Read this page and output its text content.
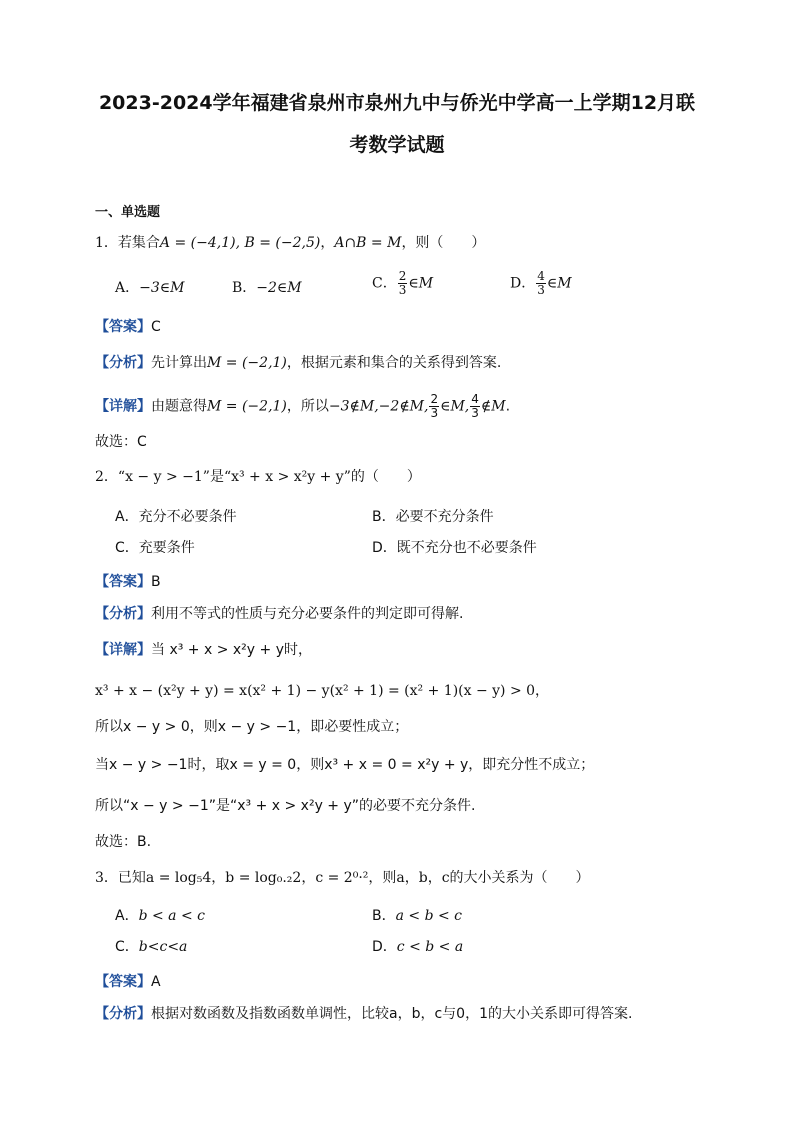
2023-2024学年福建省泉州市泉州九中与侨光中学高一上学期12月联
考数学试题
一、单选题
1．若集合A = (−4,1), B = (−2,5)，A∩B = M，则（　　）
A．−3∈M	B．−2∈M	C． $\frac{2}{3}$ ∈M	D． $\frac{4}{3}$ ∈M
【答案】C
【分析】先计算出M = (−2,1)，根据元素和集合的关系得到答案.
【详解】由题意得M = (−2,1)，所以−3∉M,−2∉M, $\frac{2}{3}$ ∈M, $\frac{4}{3}$ ∉M.
故选：C
2．“x − y > −1”是“x³ + x > x²y + y”的（　　）
A．充分不必要条件	B．必要不充分条件
C．充要条件	D．既不充分也不必要条件
【答案】B
【分析】利用不等式的性质与充分必要条件的判定即可得解.
【详解】当 x³ + x > x²y + y时，
x³ + x − (x²y + y) = x(x² + 1) − y(x² + 1) = (x² + 1)(x − y) > 0，
所以x − y > 0，则x − y > −1，即必要性成立；
当x − y > −1时，取x = y = 0，则x³ + x = 0 = x²y + y，即充分性不成立；
所以“x − y > −1”是“x³ + x > x²y + y”的必要不充分条件.
故选：B.
3．已知a = log₅4，b = log₀.₂2，c = 2⁰·²，则a，b，c的大小关系为（　　）
A．b < a < c	B．a < b < c
C．b<c<a	D．c < b < a
【答案】A
【分析】根据对数函数及指数函数单调性，比较a，b，c与0，1的大小关系即可得答案.
